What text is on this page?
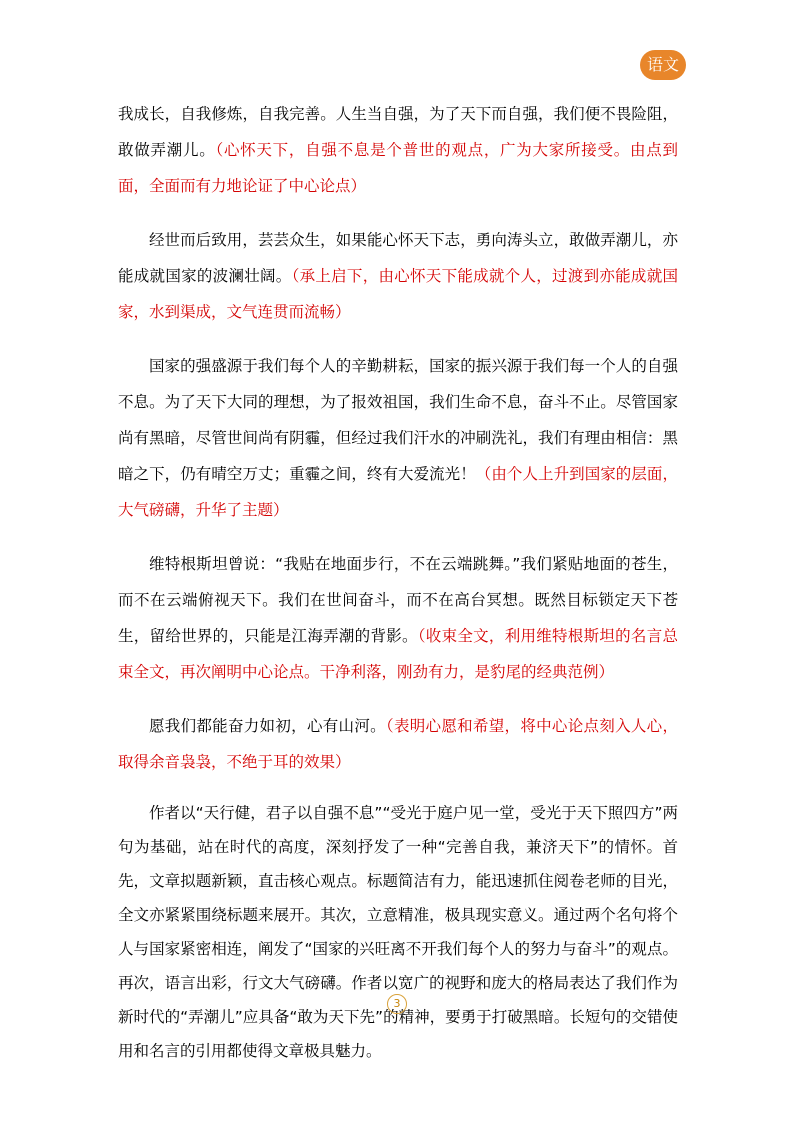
语文

我成长，自我修炼，自我完善。人生当自强，为了天下而自强，我们便不畏险阻，敢做弄潮儿。（心怀天下，自强不息是个普世的观点，广为大家所接受。由点到面，全面而有力地论证了中心论点）

经世而后致用，芸芸众生，如果能心怀天下志，勇向涛头立，敢做弄潮儿，亦能成就国家的波澜壮阔。（承上启下，由心怀天下能成就个人，过渡到亦能成就国家，水到渠成，文气连贯而流畅）

国家的强盛源于我们每个人的辛勤耕耘，国家的振兴源于我们每一个人的自强不息。为了天下大同的理想，为了报效祖国，我们生命不息，奋斗不止。尽管国家尚有黑暗，尽管世间尚有阴霾，但经过我们汗水的冲刷洗礼，我们有理由相信：黑暗之下，仍有晴空万丈；重霾之间，终有大爱流光！（由个人上升到国家的层面，大气磅礴，升华了主题）

维特根斯坦曾说：“我贴在地面步行，不在云端跳舞。”我们紧贴地面的苍生，而不在云端俯视天下。我们在世间奋斗，而不在高台冥想。既然目标锁定天下苍生，留给世界的，只能是江海弄潮的背影。（收束全文，利用维特根斯坦的名言总束全文，再次阐明中心论点。干净利落，刚劲有力，是豹尾的经典范例）

愿我们都能奋力如初，心有山河。（表明心愿和希望，将中心论点刻入人心，取得余音袅袅，不绝于耳的效果）

作者以“天行健，君子以自强不息”“受光于庭户见一堂，受光于天下照四方”两句为基础，站在时代的高度，深刻抒发了一种“完善自我，兼济天下”的情怀。首先，文章拟题新颖，直击核心观点。标题简洁有力，能迅速抓住阅卷老师的目光，全文亦紧紧围绕标题来展开。其次，立意精准，极具现实意义。通过两个名句将个人与国家紧密相连，阐发了“国家的兴旺离不开我们每个人的努力与奋斗”的观点。再次，语言出彩，行文大气磅礴。作者以宽广的视野和庞大的格局表达了我们作为新时代的“弄潮儿”应具备“敢为天下先”的精神，要勇于打破黑暗。长短句的交错使用和名言的引用都使得文章极具魅力。

3
